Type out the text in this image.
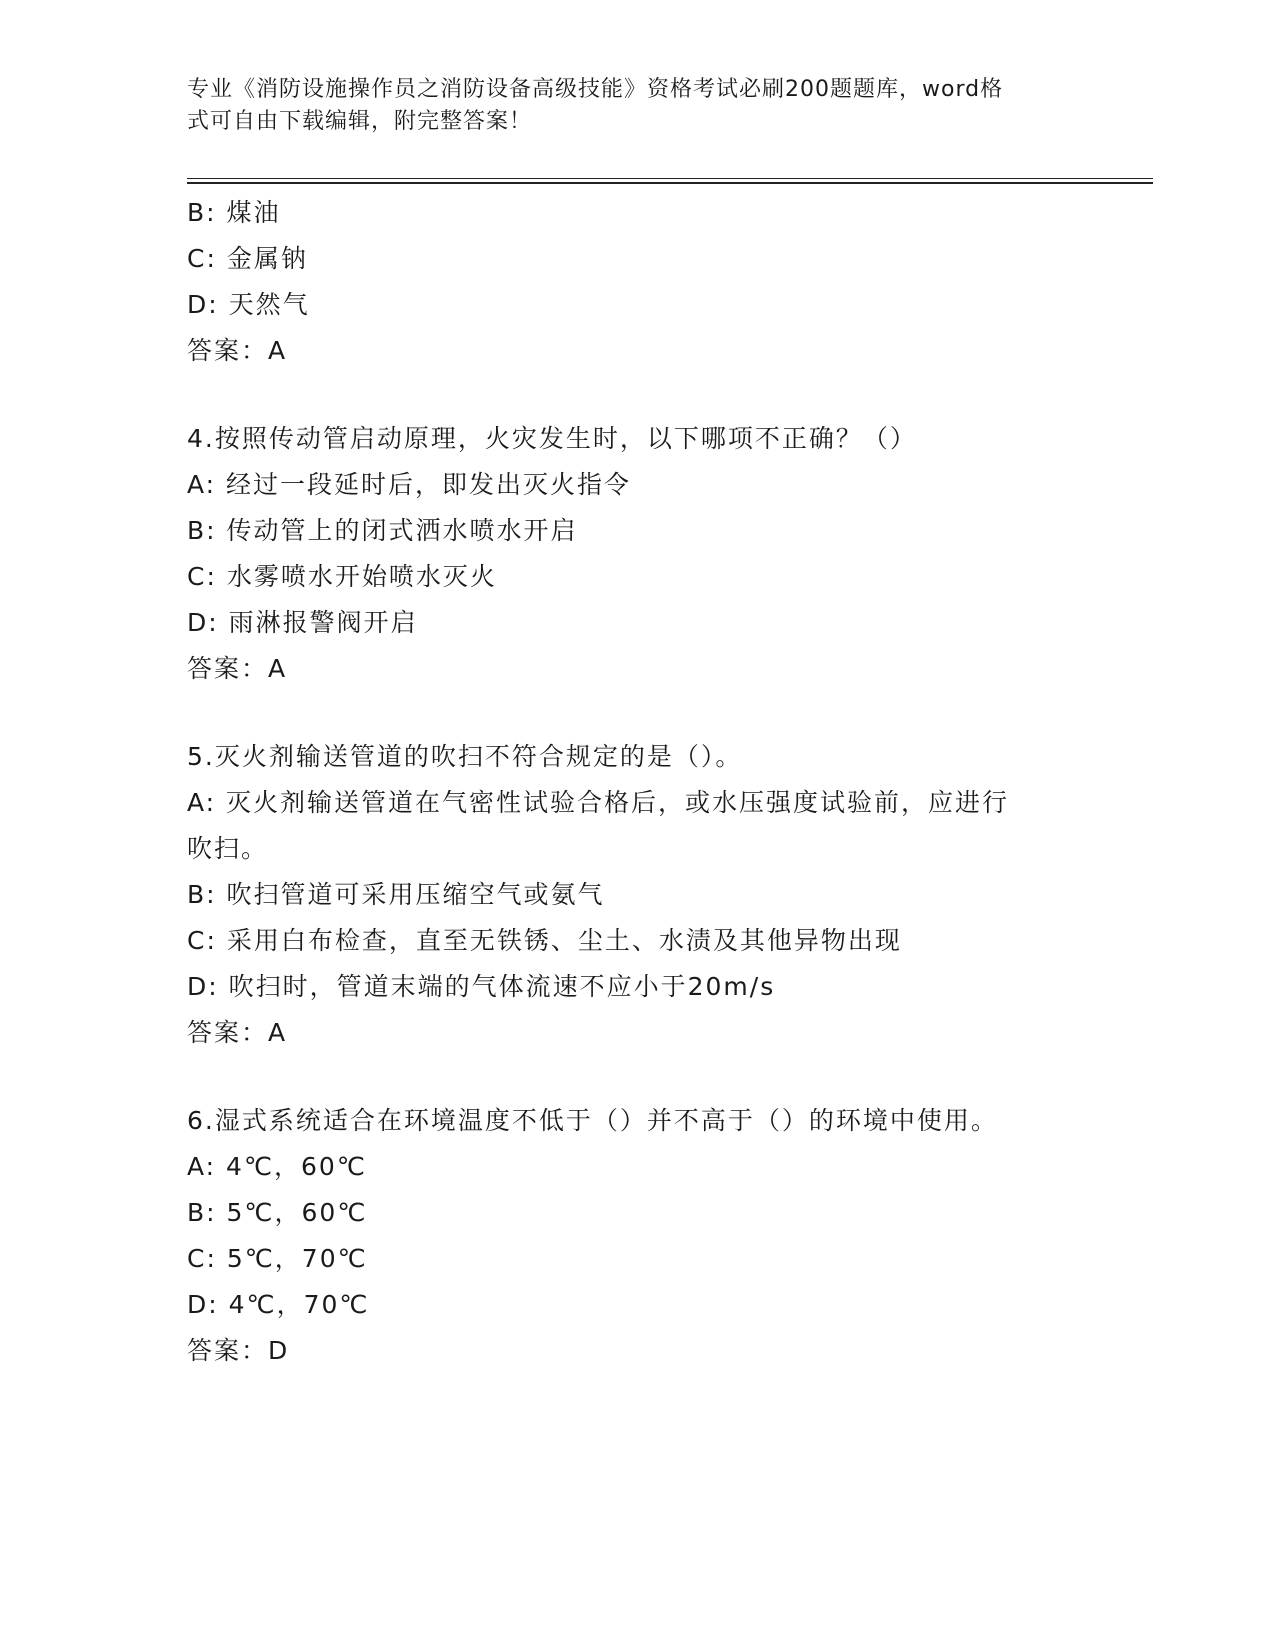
专业《消防设施操作员之消防设备高级技能》资格考试必刷200题题库，word格
式可自由下载编辑，附完整答案！
B: 煤油
C: 金属钠
D: 天然气
答案：A
4.按照传动管启动原理，火灾发生时，以下哪项不正确？（）
A: 经过一段延时后，即发出灭火指令
B: 传动管上的闭式洒水喷水开启
C: 水雾喷水开始喷水灭火
D: 雨淋报警阀开启
答案：A
5.灭火剂输送管道的吹扫不符合规定的是（）。
A: 灭火剂输送管道在气密性试验合格后，或水压强度试验前，应进行
吹扫。
B: 吹扫管道可采用压缩空气或氨气
C: 采用白布检查，直至无铁锈、尘土、水渍及其他异物出现
D: 吹扫时，管道末端的气体流速不应小于20m/s
答案：A
6.湿式系统适合在环境温度不低于（）并不高于（）的环境中使用。
A: 4℃，60℃
B: 5℃，60℃
C: 5℃，70℃
D: 4℃，70℃
答案：D
